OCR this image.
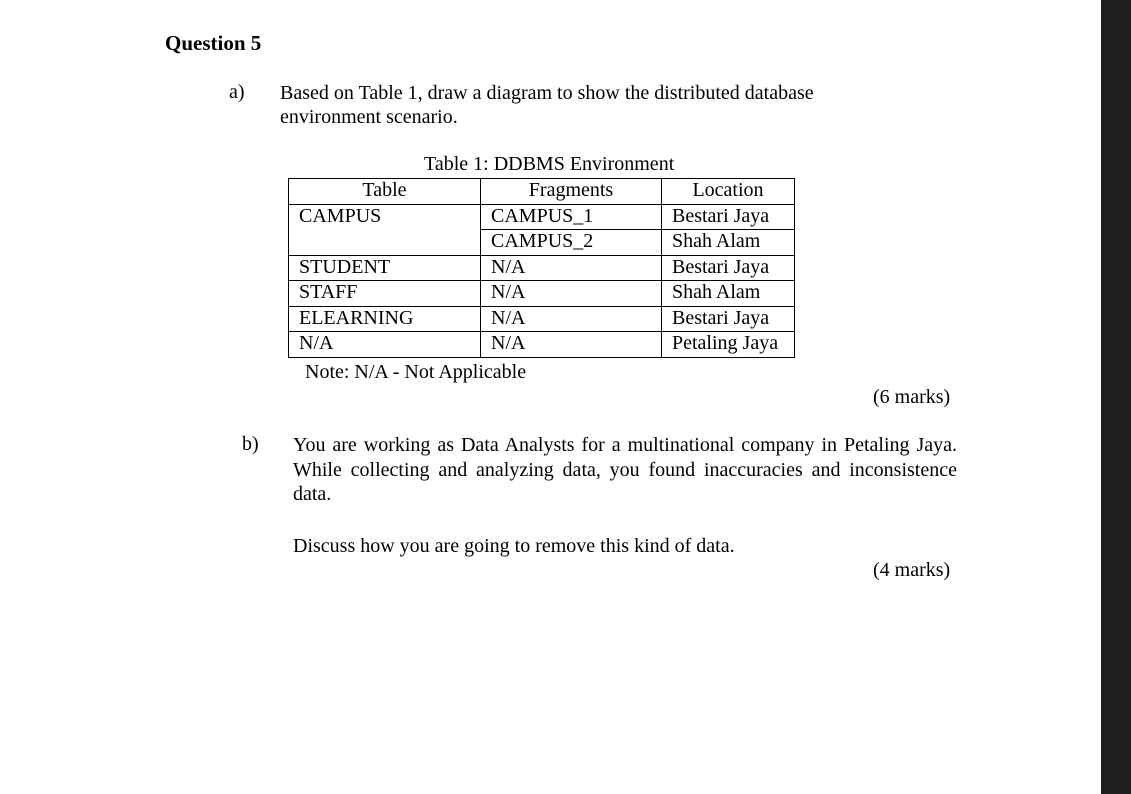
Question 5
a) Based on Table 1, draw a diagram to show the distributed database
environment scenario.
Table 1: DDBMS Environment
Table	Fragments	Location
CAMPUS	CAMPUS_1	Bestari Jaya
	CAMPUS_2	Shah Alam
STUDENT	N/A	Bestari Jaya
STAFF	N/A	Shah Alam
ELEARNING	N/A	Bestari Jaya
N/A	N/A	Petaling Jaya
Note: N/A - Not Applicable
(6 marks)
b) You are working as Data Analysts for a multinational company in Petaling Jaya. While collecting and analyzing data, you found inaccuracies and inconsistence data.
Discuss how you are going to remove this kind of data.
(4 marks)
